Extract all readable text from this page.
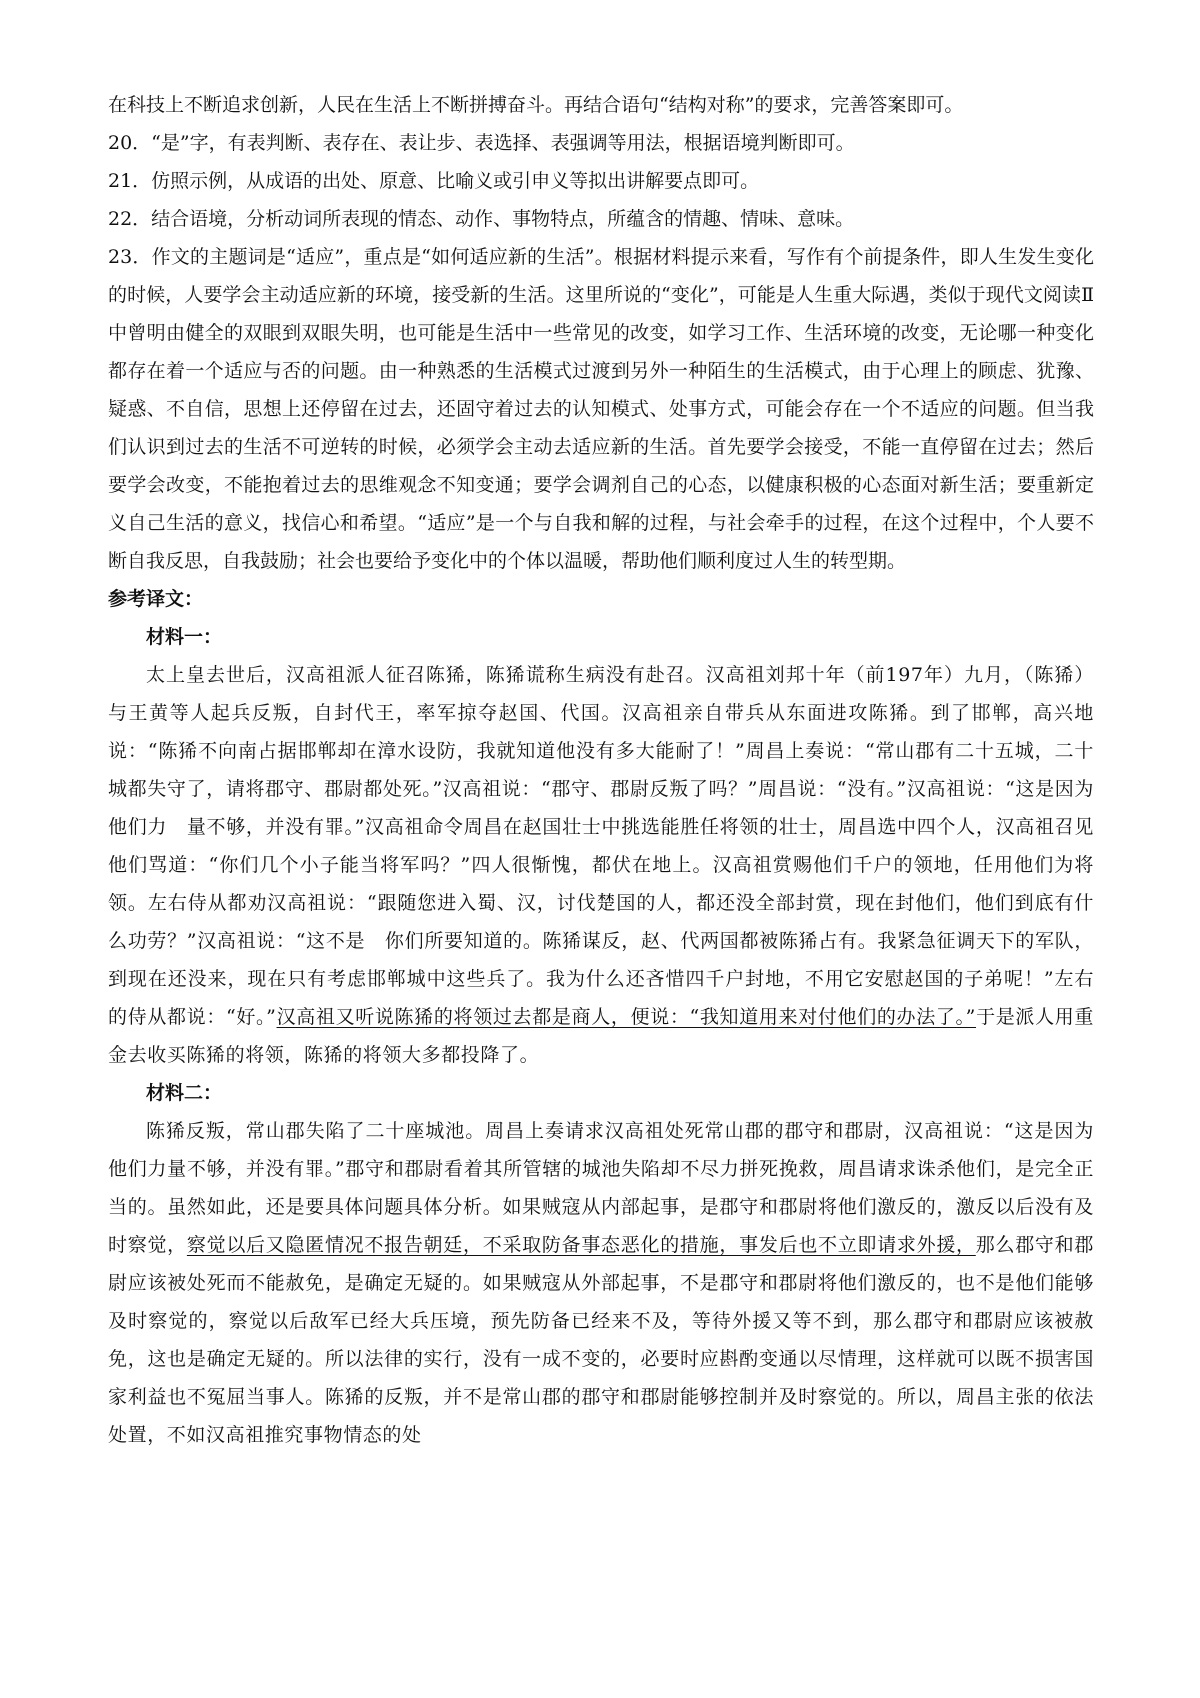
在科技上不断追求创新，人民在生活上不断拼搏奋斗。再结合语句“结构对称”的要求，完善答案即可。

20．“是”字，有表判断、表存在、表让步、表选择、表强调等用法，根据语境判断即可。

21．仿照示例，从成语的出处、原意、比喻义或引申义等拟出讲解要点即可。

22．结合语境，分析动词所表现的情态、动作、事物特点，所蕴含的情趣、情味、意味。

23．作文的主题词是“适应”，重点是“如何适应新的生活”。根据材料提示来看，写作有个前提条件，即人生发生变化的时候，人要学会主动适应新的环境，接受新的生活。这里所说的“变化”，可能是人生重大际遇，类似于现代文阅读Ⅱ中曾明由健全的双眼到双眼失明，也可能是生活中一些常见的改变，如学习工作、生活环境的改变，无论哪一种变化都存在着一个适应与否的问题。由一种熟悉的生活模式过渡到另外一种陌生的生活模式，由于心理上的顾虑、犹豫、疑惑、不自信，思想上还停留在过去，还固守着过去的认知模式、处事方式，可能会存在一个不适应的问题。但当我们认识到过去的生活不可逆转的时候，必须学会主动去适应新的生活。首先要学会接受，不能一直停留在过去；然后要学会改变，不能抱着过去的思维观念不知变通；要学会调剂自己的心态，以健康积极的心态面对新生活；要重新定义自己生活的意义，找信心和希望。“适应”是一个与自我和解的过程，与社会牵手的过程，在这个过程中，个人要不断自我反思，自我鼓励；社会也要给予变化中的个体以温暖，帮助他们顺利度过人生的转型期。

参考译文：
材料一：

太上皇去世后，汉高祖派人征召陈狶，陈狶谎称生病没有赴召。汉高祖刘邦十年（前197年）九月，（陈狶）与王黄等人起兵反叛，自封代王，率军掠夺赵国、代国。汉高祖亲自带兵从东面进攻陈狶。到了邯郸，高兴地说：“陈狶不向南占据邯郸却在漳水设防，我就知道他没有多大能耐了！”周昌上奏说：“常山郡有二十五城，二十城都失守了，请将郡守、郡尉都处死。”汉高祖说：“郡守、郡尉反叛了吗？”周昌说：“没有。”汉高祖说：“这是因为他们力　量不够，并没有罪。”汉高祖命令周昌在赵国壮士中挑选能胜任将领的壮士，周昌选中四个人，汉高祖召见他们骂道：“你们几个小子能当将军吗？”四人很惭愧，都伏在地上。汉高祖赏赐他们千户的领地，任用他们为将领。左右侍从都劝汉高祖说：“跟随您进入蜀、汉，讨伐楚国的人，都还没全部封赏，现在封他们，他们到底有什么功劳？”汉高祖说：“这不是　你们所要知道的。陈狶谋反，赵、代两国都被陈狶占有。我紧急征调天下的军队，到现在还没来，现在只有考虑邯郸城中这些兵了。我为什么还吝惜四千户封地，不用它安慰赵国的子弟呢！”左右的侍从都说：“好。”汉高祖又听说陈狶的将领过去都是商人，便说：“我知道用来对付他们的办法了。”于是派人用重金去收买陈狶的将领，陈狶的将领大多都投降了。

材料二：

陈狶反叛，常山郡失陷了二十座城池。周昌上奏请求汉高祖处死常山郡的郡守和郡尉，汉高祖说：“这是因为他们力量不够，并没有罪。”郡守和郡尉看着其所管辖的城池失陷却不尽力拼死挽救，周昌请求诛杀他们，是完全正当的。虽然如此，还是要具体问题具体分析。如果贼寇从内部起事，是郡守和郡尉将他们激反的，激反以后没有及时察觉，察觉以后又隐匿情况不报告朝廷，不采取防备事态恶化的措施，事发后也不立即请求外援，那么郡守和郡尉应该被处死而不能赦免，是确定无疑的。如果贼寇从外部起事，不是郡守和郡尉将他们激反的，也不是他们能够及时察觉的，察觉以后敌军已经大兵压境，预先防备已经来不及，等待外援又等不到，那么郡守和郡尉应该被赦免，这也是确定无疑的。所以法律的实行，没有一成不变的，必要时应斟酌变通以尽情理，这样就可以既不损害国家利益也不冤屈当事人。陈狶的反叛，并不是常山郡的郡守和郡尉能够控制并及时察觉的。所以，周昌主张的依法处置，不如汉高祖推究事物情态的处
